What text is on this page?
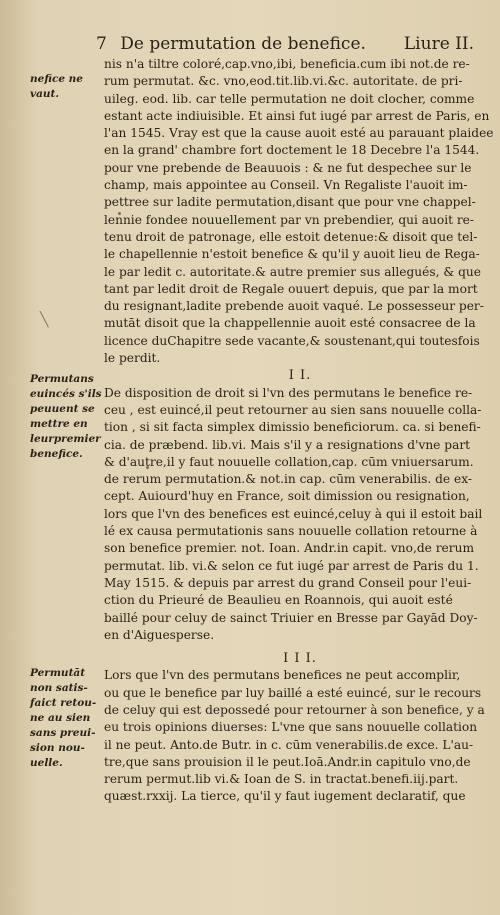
7 De permutation de benefice. Liure II.
nefice ne
vaut.
Permutans
euincés s'ils
peuuent se
mettre en
leurpremier
benefice.
Permutāt
non satis-
faict retou-
ne au sien
sans preui-
sion nou-
uelle.
╲
nis n'a tiltre coloré,cap.vno,ibi, beneficia.cum ibi not.de re-
rum permutat. &c. vno,eod.tit.lib.vi.&c. autoritate. de pri-
uileg. eod. lib. car telle permutation ne doit clocher, comme
estant acte indiuisible. Et ainsi fut iugé par arrest de Paris, en
l'an 1545. Vray est que la cause auoit esté au parauant plaidee
en la grand' chambre fort doctement le 18 Decebre l'a 1544.
pour vne prebende de Beauuois : & ne fut despechee sur le
champ, mais appointee au Conseil. Vn Regaliste l'auoit im-
pettree sur ladite permutation,disant que pour vne chappel-
lennie fondee nouuellement par vn prebendier, qui auoit re-
tenu droit de patronage, elle estoit detenue:& disoit que tel-
le chapellennie n'estoit benefice & qu'il y auoit lieu de Rega-
le par ledit c. autoritate.& autre premier sus allegués, & que
tant par ledit droit de Regale ouuert depuis, que par la mort
du resignant,ladite prebende auoit vaqué. Le possesseur per-
mutāt disoit que la chappellennie auoit esté consacree de la
licence duChapitre sede vacante,& soustenant,qui toutesfois
le perdit.
I I.
De disposition de droit si l'vn des permutans le benefice re-
ceu , est euincé,il peut retourner au sien sans nouuelle colla-
tion , si sit facta simplex dimissio beneficiorum. ca. si benefi-
cia. de præbend. lib.vi. Mais s'il y a resignations d'vne part
& d'autre,il y faut nouuelle collation,cap. cūm vniuersarum.
de rerum permutation.& not.in cap. cūm venerabilis. de ex-
cept. Auiourd'huy en France, soit dimission ou resignation,
lors que l'vn des benefices est euincé,celuy à qui il estoit bail
lé ex causa permutationis sans nouuelle collation retourne à
son benefice premier. not. Ioan. Andr.in capit. vno,de rerum
permutat. lib. vi.& selon ce fut iugé par arrest de Paris du 1.
May 1515. & depuis par arrest du grand Conseil pour l'eui-
ction du Prieuré de Beaulieu en Roannois, qui auoit esté
baillé pour celuy de sainct Triuier en Bresse par Gayād Doy-
en d'Aiguesperse.
I I I.
Lors que l'vn des permutans benefices ne peut accomplir,
ou que le benefice par luy baillé a esté euincé, sur le recours
de celuy qui est depossedé pour retourner à son benefice, y a
eu trois opinions diuerses: L'vne que sans nouuelle collation
il ne peut. Anto.de Butr. in c. cūm venerabilis.de exce. L'au-
tre,que sans prouision il le peut.Ioā.Andr.in capitulo vno,de
rerum permut.lib vi.& Ioan de S. in tractat.benefi.iij.part.
quæst.rxxij. La tierce, qu'il y faut iugement declaratif, que
